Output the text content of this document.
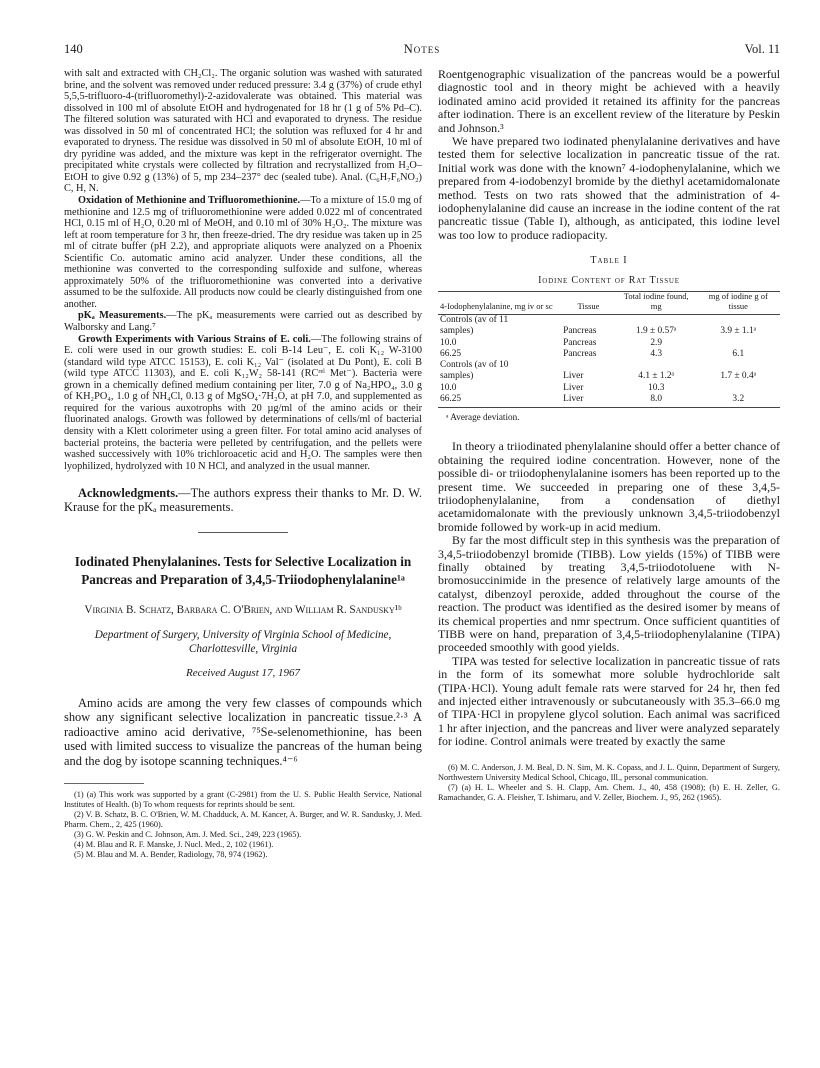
140	Notes	Vol. 11

with salt and extracted with CH₂Cl₂. The organic solution was washed with saturated brine, and the solvent was removed under reduced pressure: 3.4 g (37%) of crude ethyl 5,5,5-trifluoro-4-(trifluoromethyl)-2-azidovalerate was obtained. This material was dissolved in 100 ml of absolute EtOH and hydrogenated for 18 hr (1 g of 5% Pd–C). The filtered solution was saturated with HCl and evaporated to dryness. The residue was dissolved in 50 ml of concentrated HCl; the solution was refluxed for 4 hr and evaporated to dryness. The residue was dissolved in 50 ml of absolute EtOH, 10 ml of dry pyridine was added, and the mixture was kept in the refrigerator overnight. The precipitated white crystals were collected by filtration and recrystallized from H₂O–EtOH to give 0.92 g (13%) of 5, mp 234–237° dec (sealed tube). Anal. (C₆H₇F₆NO₂) C, H, N.

Oxidation of Methionine and Trifluoromethionine.—To a mixture of 15.0 mg of methionine and 12.5 mg of trifluoromethionine were added 0.022 ml of concentrated HCl, 0.15 ml of H₂O, 0.20 ml of MeOH, and 0.10 ml of 30% H₂O₂. The mixture was left at room temperature for 3 hr, then freeze-dried. The dry residue was taken up in 25 ml of citrate buffer (pH 2.2), and appropriate aliquots were analyzed on a Phoenix Scientific Co. automatic amino acid analyzer. Under these conditions, all the methionine was converted to the corresponding sulfoxide and sulfone, whereas approximately 50% of the trifluoromethionine was converted into a derivative assumed to be the sulfoxide. All products now could be clearly distinguished from one another.

pKₐ Measurements.—The pKₐ measurements were carried out as described by Walborsky and Lang.⁷

Growth Experiments with Various Strains of E. coli.—The following strains of E. coli were used in our growth studies: E. coli B-14 Leu⁻, E. coli K₁₂ W-3100 (standard wild type ATCC 15153), E. coli K₁₂ Val⁻ (isolated at Du Pont), E. coli B (wild type ATCC 11303), and E. coli K₁₂W₂ 58-141 (RCʳᵉˡ Met⁻). Bacteria were grown in a chemically defined medium containing per liter, 7.0 g of Na₂HPO₄, 3.0 g of KH₂PO₄, 1.0 g of NH₄Cl, 0.13 g of MgSO₄·7H₂O, at pH 7.0, and supplemented as required for the various auxotrophs with 20 µg/ml of the amino acids or their fluorinated analogs. Growth was followed by determinations of cells/ml of bacterial density with a Klett colorimeter using a green filter. For total amino acid analyses of bacterial proteins, the bacteria were pelleted by centrifugation, and the pellets were washed successively with 10% trichloroacetic acid and H₂O. The samples were then lyophilized, hydrolyzed with 10 N HCl, and analyzed in the usual manner.

Acknowledgments.—The authors express their thanks to Mr. D. W. Krause for the pKₐ measurements.

Iodinated Phenylalanines. Tests for Selective Localization in Pancreas and Preparation of 3,4,5-Triiodophenylalanine¹ᵃ
Virginia B. Schatz, Barbara C. O'Brien, and William R. Sandusky¹ᵇ
Department of Surgery, University of Virginia School of Medicine, Charlottesville, Virginia
Received August 17, 1967

Amino acids are among the very few classes of compounds which show any significant selective localization in pancreatic tissue.²·³ A radioactive amino acid derivative, ⁷⁵Se-selenomethionine, has been used with limited success to visualize the pancreas of the human being and the dog by isotope scanning techniques.⁴⁻⁶

(1) (a) This work was supported by a grant (C-2981) from the U. S. Public Health Service, National Institutes of Health. (b) To whom requests for reprints should be sent.

(2) V. B. Schatz, B. C. O'Brien, W. M. Chadduck, A. M. Kancer, A. Burger, and W. R. Sandusky, J. Med. Pharm. Chem., 2, 425 (1960).

(3) G. W. Peskin and C. Johnson, Am. J. Med. Sci., 249, 223 (1965).

(4) M. Blau and R. F. Manske, J. Nucl. Med., 2, 102 (1961).

(5) M. Blau and M. A. Bender, Radiology, 78, 974 (1962).

Roentgenographic visualization of the pancreas would be a powerful diagnostic tool and in theory might be achieved with a heavily iodinated amino acid provided it retained its affinity for the pancreas after iodination. There is an excellent review of the literature by Peskin and Johnson.³

We have prepared two iodinated phenylalanine derivatives and have tested them for selective localization in pancreatic tissue of the rat. Initial work was done with the known⁷ 4-iodophenylalanine, which we prepared from 4-iodobenzyl bromide by the diethyl acetamidomalonate method. Tests on two rats showed that the administration of 4-iodophenylalanine did cause an increase in the iodine content of the rat pancreatic tissue (Table I), although, as anticipated, this iodine level was too low to produce radiopacity.

Table I
Iodine Content of Rat Tissue
4-Iodophenylalanine, mg iv or sc	Tissue	Total iodine found, mg	mg of iodine g of tissue
Controls (av of 11			
samples)	Pancreas	1.9 ± 0.57ᵃ	3.9 ± 1.1ᵃ
10.0	Pancreas	2.9	
66.25	Pancreas	4.3	6.1
Controls (av of 10			
samples)	Liver	4.1 ± 1.2ᵃ	1.7 ± 0.4ᵃ
10.0	Liver	10.3	
66.25	Liver	8.0	3.2
ᵃ Average deviation.

In theory a triiodinated phenylalanine should offer a better chance of obtaining the required iodine concentration. However, none of the possible di- or triiodophenylalanine isomers has been reported up to the present time. We succeeded in preparing one of these 3,4,5-triiodophenylalanine, from a condensation of diethyl acetamidomalonate with the previously unknown 3,4,5-triiodobenzyl bromide followed by work-up in acid medium.

By far the most difficult step in this synthesis was the preparation of 3,4,5-triiodobenzyl bromide (TIBB). Low yields (15%) of TIBB were finally obtained by treating 3,4,5-triiodotoluene with N-bromosuccinimide in the presence of relatively large amounts of the catalyst, dibenzoyl peroxide, added throughout the course of the reaction. The product was identified as the desired isomer by means of its chemical properties and nmr spectrum. Once sufficient quantities of TIBB were on hand, preparation of 3,4,5-triiodophenylalanine (TIPA) proceeded smoothly with good yields.

TIPA was tested for selective localization in pancreatic tissue of rats in the form of its somewhat more soluble hydrochloride salt (TIPA·HCl). Young adult female rats were starved for 24 hr, then fed and injected either intravenously or subcutaneously with 35.3–66.0 mg of TIPA·HCl in propylene glycol solution. Each animal was sacrificed 1 hr after injection, and the pancreas and liver were analyzed separately for iodine. Control animals were treated by exactly the same

(6) M. C. Anderson, J. M. Beal, D. N. Sim, M. K. Copass, and J. L. Quinn, Department of Surgery, Northwestern University Medical School, Chicago, Ill., personal communication.

(7) (a) H. L. Wheeler and S. H. Clapp, Am. Chem. J., 40, 458 (1908); (b) E. H. Zeller, G. Ramachander, G. A. Fleisher, T. Ishimaru, and V. Zeller, Biochem. J., 95, 262 (1965).
